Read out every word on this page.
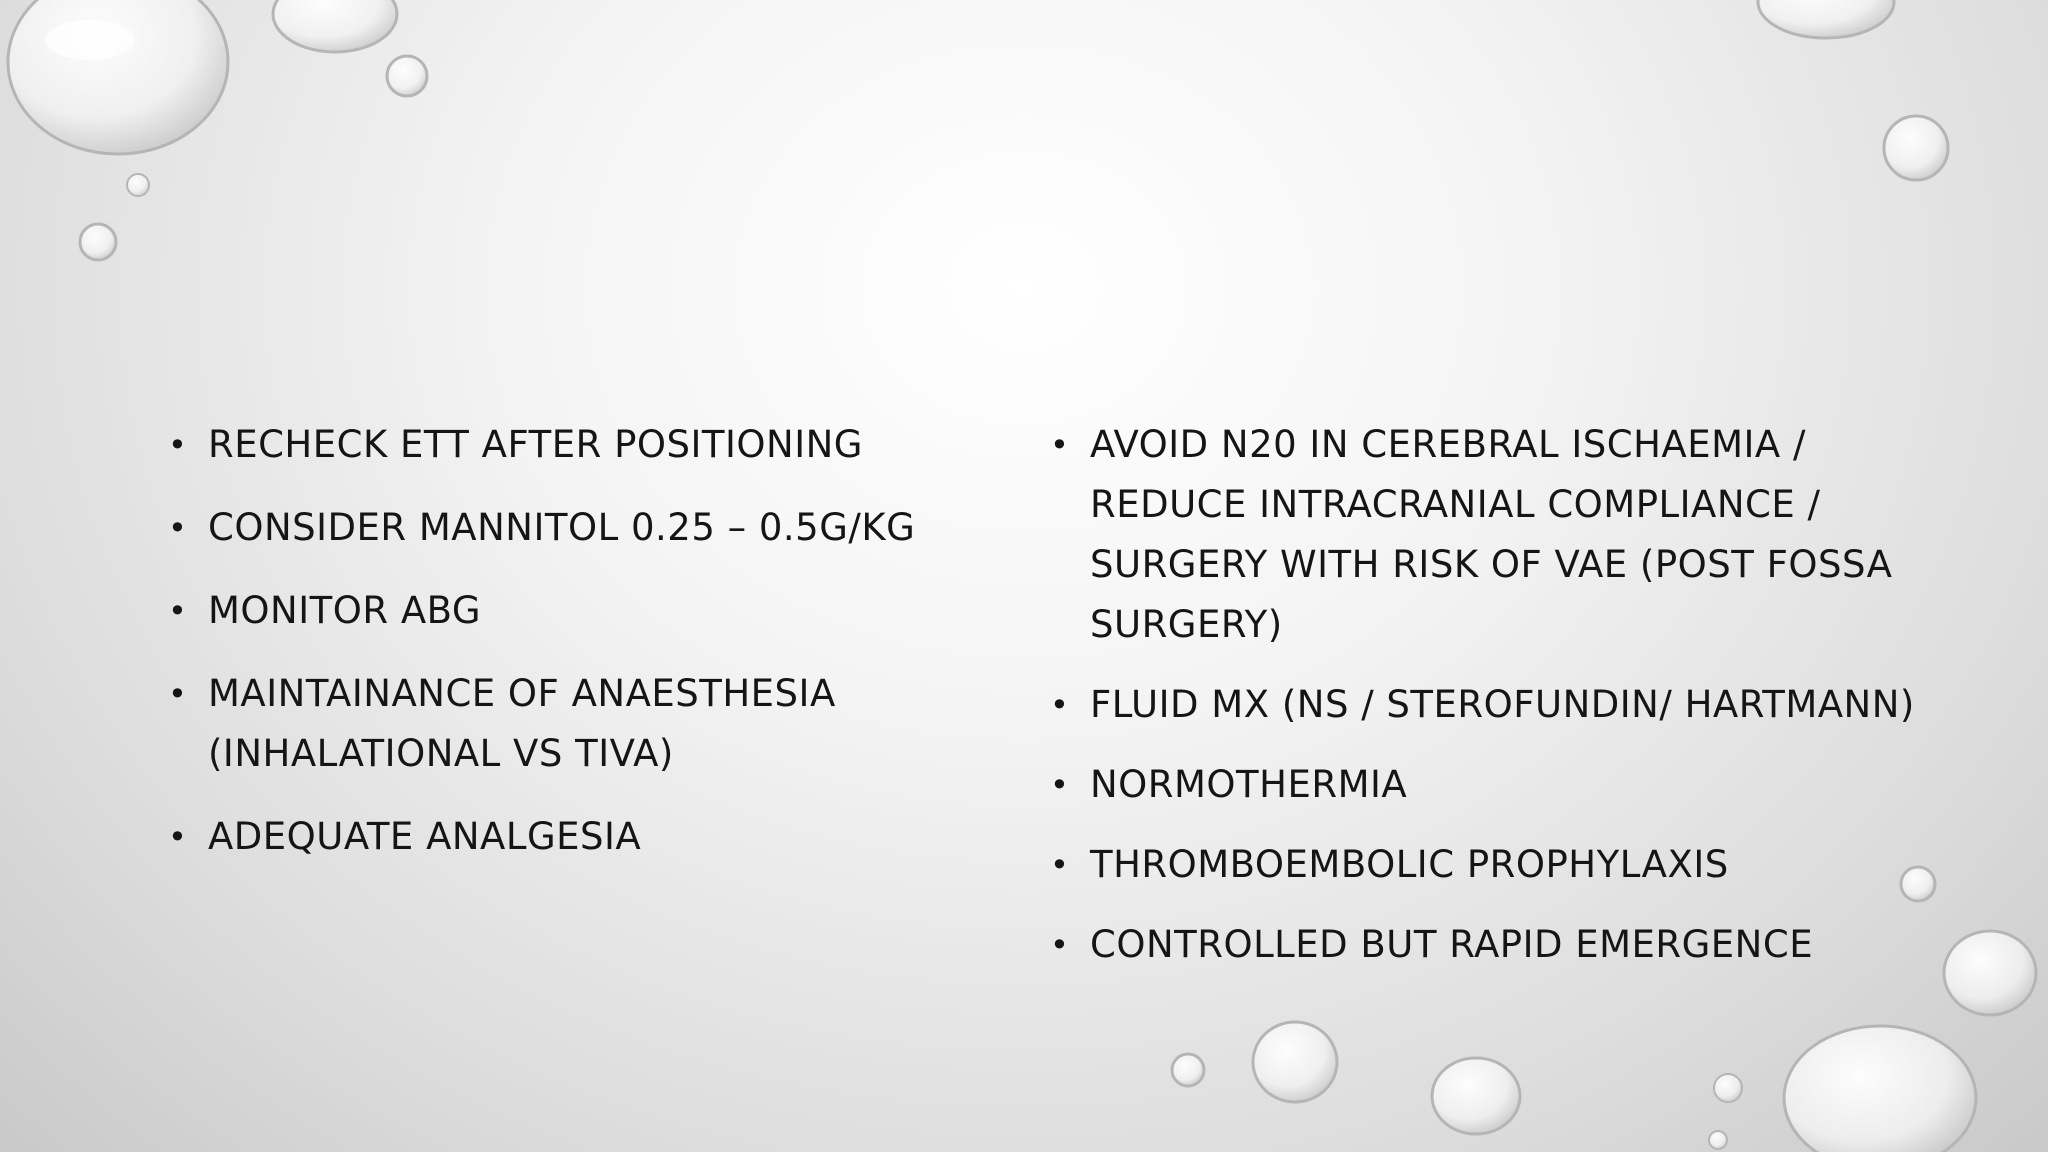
• RECHECK ETT AFTER POSITIONING
• CONSIDER MANNITOL 0.25 – 0.5G/KG
• MONITOR ABG
• MAINTAINANCE OF ANAESTHESIA (INHALATIONAL VS TIVA)
• ADEQUATE ANALGESIA
• AVOID N20 IN CEREBRAL ISCHAEMIA / REDUCE INTRACRANIAL COMPLIANCE / SURGERY WITH RISK OF VAE (POST FOSSA SURGERY)
• FLUID MX (NS / STEROFUNDIN/ HARTMANN)
• NORMOTHERMIA
• THROMBOEMBOLIC PROPHYLAXIS
• CONTROLLED BUT RAPID EMERGENCE
